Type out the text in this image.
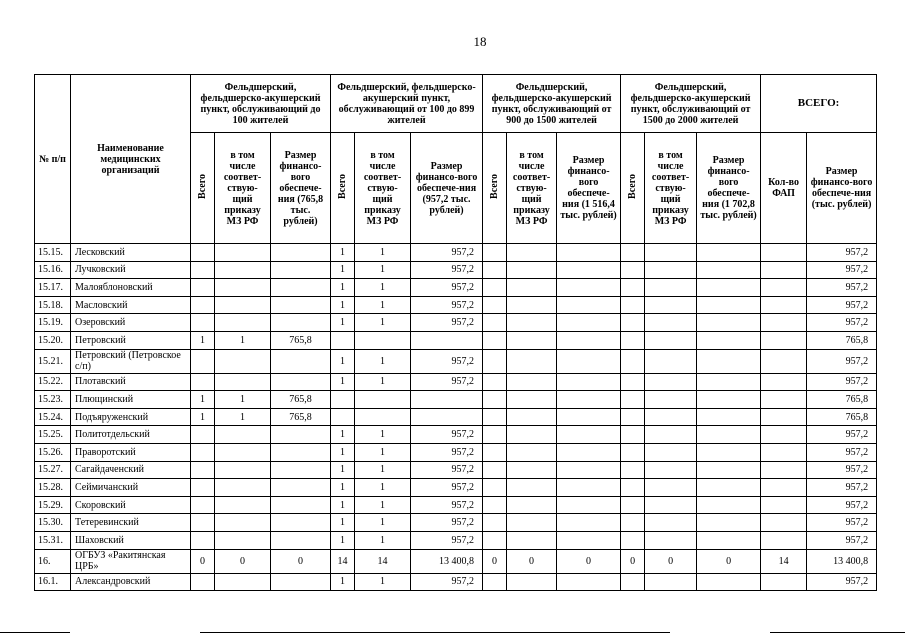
18
№ п/п	Наименование медицинских организаций	Фельдшерский, фельдшерско-акушерский пункт, обслуживающий до 100 жителей			Фельдшерский, фельдшерско-акушерский пункт, обслуживающий от 100 до 899 жителей			Фельдшерский, фельдшерско-акушерский пункт, обслуживающий от 900 до 1500 жителей			Фельдшерский, фельдшерско-акушерский пункт, обслуживающий от 1500 до 2000 жителей			ВСЕГО:	
		Всего	в том числе соответ-ствую-щий приказу МЗ РФ	Размер финансо-вого обеспече-ния (765,8 тыс. рублей)	Всего	в том числе соответ-ствую-щий приказу МЗ РФ	Размер финансо-вого обеспече-ния (957,2 тыс. рублей)	Всего	в том числе соответ-ствую-щий приказу МЗ РФ	Размер финансо-вого обеспече-ния (1 516,4 тыс. рублей)	Всего	в том числе соответ-ствую-щий приказу МЗ РФ	Размер финансо-вого обеспече-ния (1 702,8 тыс. рублей)	Кол-во ФАП	Размер финансо-вого обеспече-ния (тыс. рублей)
15.15.	Лесковский				1	1	957,2								957,2
15.16.	Лучковский				1	1	957,2								957,2
15.17.	Малояблоновский				1	1	957,2								957,2
15.18.	Масловский				1	1	957,2								957,2
15.19.	Озеровский				1	1	957,2								957,2
15.20.	Петровский	1	1	765,8											765,8
15.21.	Петровский (Петровское с/п)				1	1	957,2								957,2
15.22.	Плотавский				1	1	957,2								957,2
15.23.	Плющинский	1	1	765,8											765,8
15.24.	Подъяруженский	1	1	765,8											765,8
15.25.	Политотдельский				1	1	957,2								957,2
15.26.	Праворотский				1	1	957,2								957,2
15.27.	Сагайдаченский				1	1	957,2								957,2
15.28.	Сеймичанский				1	1	957,2								957,2
15.29.	Скоровский				1	1	957,2								957,2
15.30.	Тетеревинский				1	1	957,2								957,2
15.31.	Шаховский				1	1	957,2								957,2
16.	ОГБУЗ «Ракитянская ЦРБ»	0	0	0	14	14	13 400,8	0	0	0	0	0	0	14	13 400,8
16.1.	Александровский				1	1	957,2								957,2
